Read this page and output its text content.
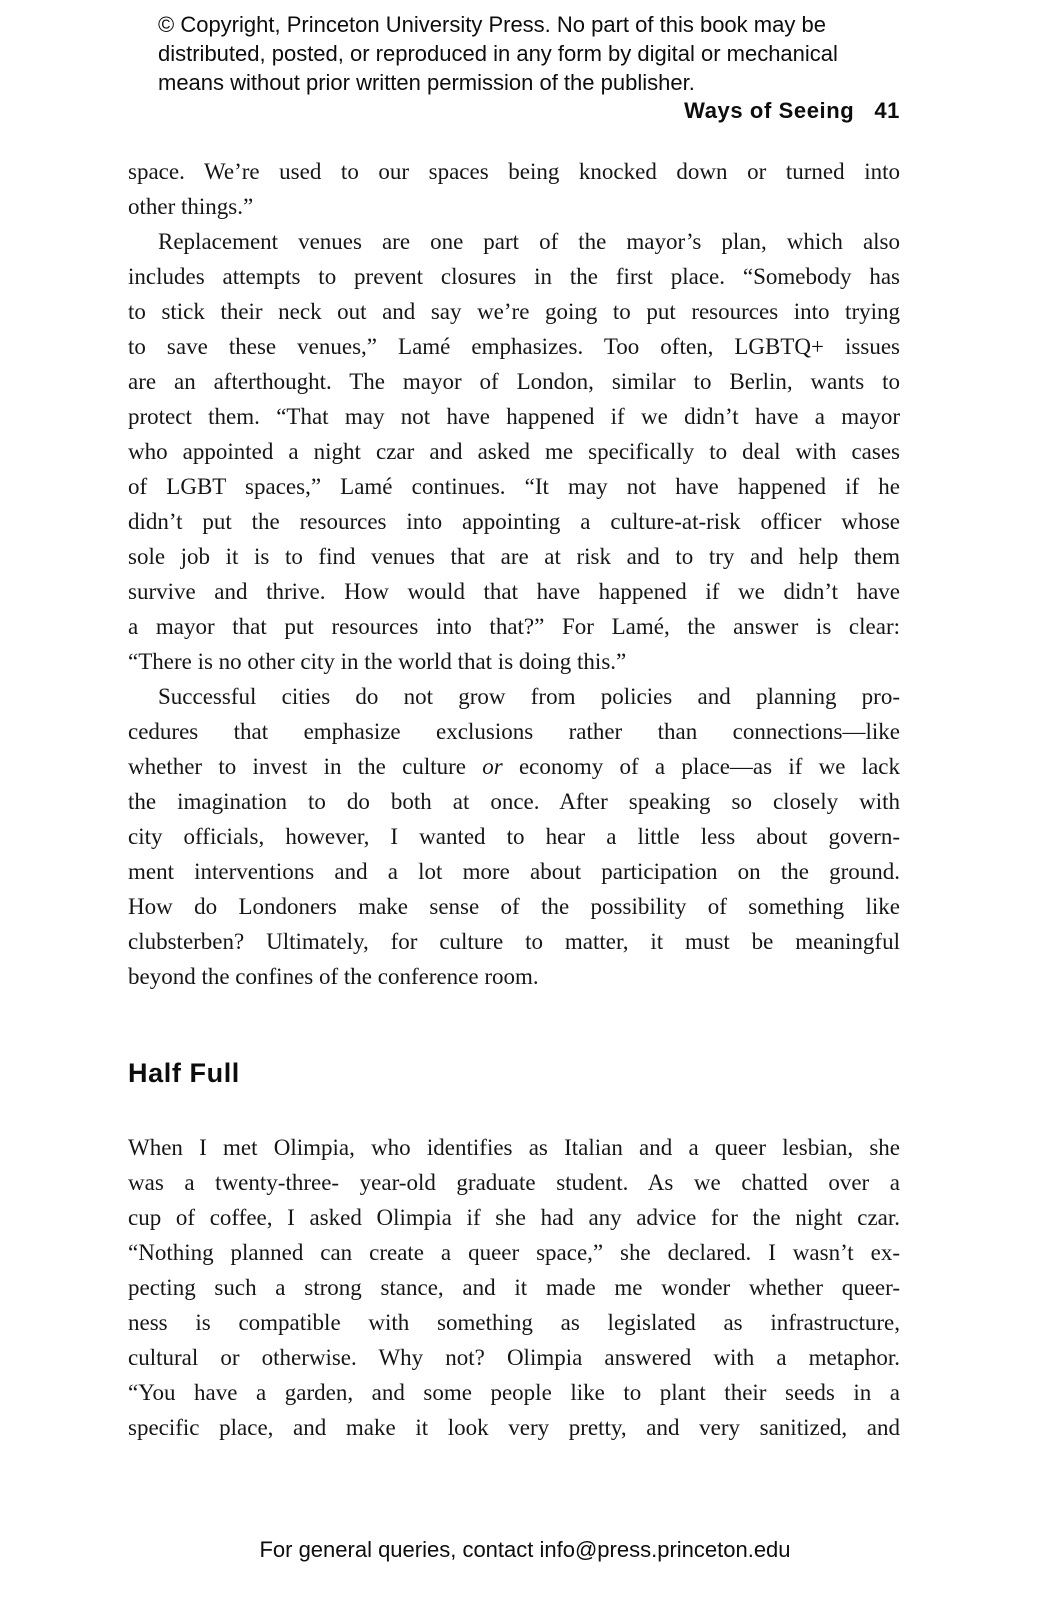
© Copyright, Princeton University Press. No part of this book may be
distributed, posted, or reproduced in any form by digital or mechanical
means without prior written permission of the publisher.
Ways of Seeing 41
space. We’re used to our spaces being knocked down or turned into
other things.”
Replacement venues are one part of the mayor’s plan, which also
includes attempts to prevent closures in the first place. “Somebody has
to stick their neck out and say we’re going to put resources into trying
to save these venues,” Lamé emphasizes. Too often, LGBTQ+ issues
are an afterthought. The mayor of London, similar to Berlin, wants to
protect them. “That may not have happened if we didn’t have a mayor
who appointed a night czar and asked me specifically to deal with cases
of LGBT spaces,” Lamé continues. “It may not have happened if he
didn’t put the resources into appointing a culture-at-risk officer whose
sole job it is to find venues that are at risk and to try and help them
survive and thrive. How would that have happened if we didn’t have
a mayor that put resources into that?” For Lamé, the answer is clear:
“There is no other city in the world that is doing this.”
Successful cities do not grow from policies and planning pro-
cedures that emphasize exclusions rather than connections—like
whether to invest in the culture or economy of a place—as if we lack
the imagination to do both at once. After speaking so closely with
city officials, however, I wanted to hear a little less about govern-
ment interventions and a lot more about participation on the ground.
How do Londoners make sense of the possibility of something like
clubsterben? Ultimately, for culture to matter, it must be meaningful
beyond the confines of the conference room.
Half Full
When I met Olimpia, who identifies as Italian and a queer lesbian, she
was a twenty-three- year-old graduate student. As we chatted over a
cup of coffee, I asked Olimpia if she had any advice for the night czar.
“Nothing planned can create a queer space,” she declared. I wasn’t ex-
pecting such a strong stance, and it made me wonder whether queer-
ness is compatible with something as legislated as infrastructure,
cultural or otherwise. Why not? Olimpia answered with a metaphor.
“You have a garden, and some people like to plant their seeds in a
specific place, and make it look very pretty, and very sanitized, and
For general queries, contact info@press.princeton.edu
